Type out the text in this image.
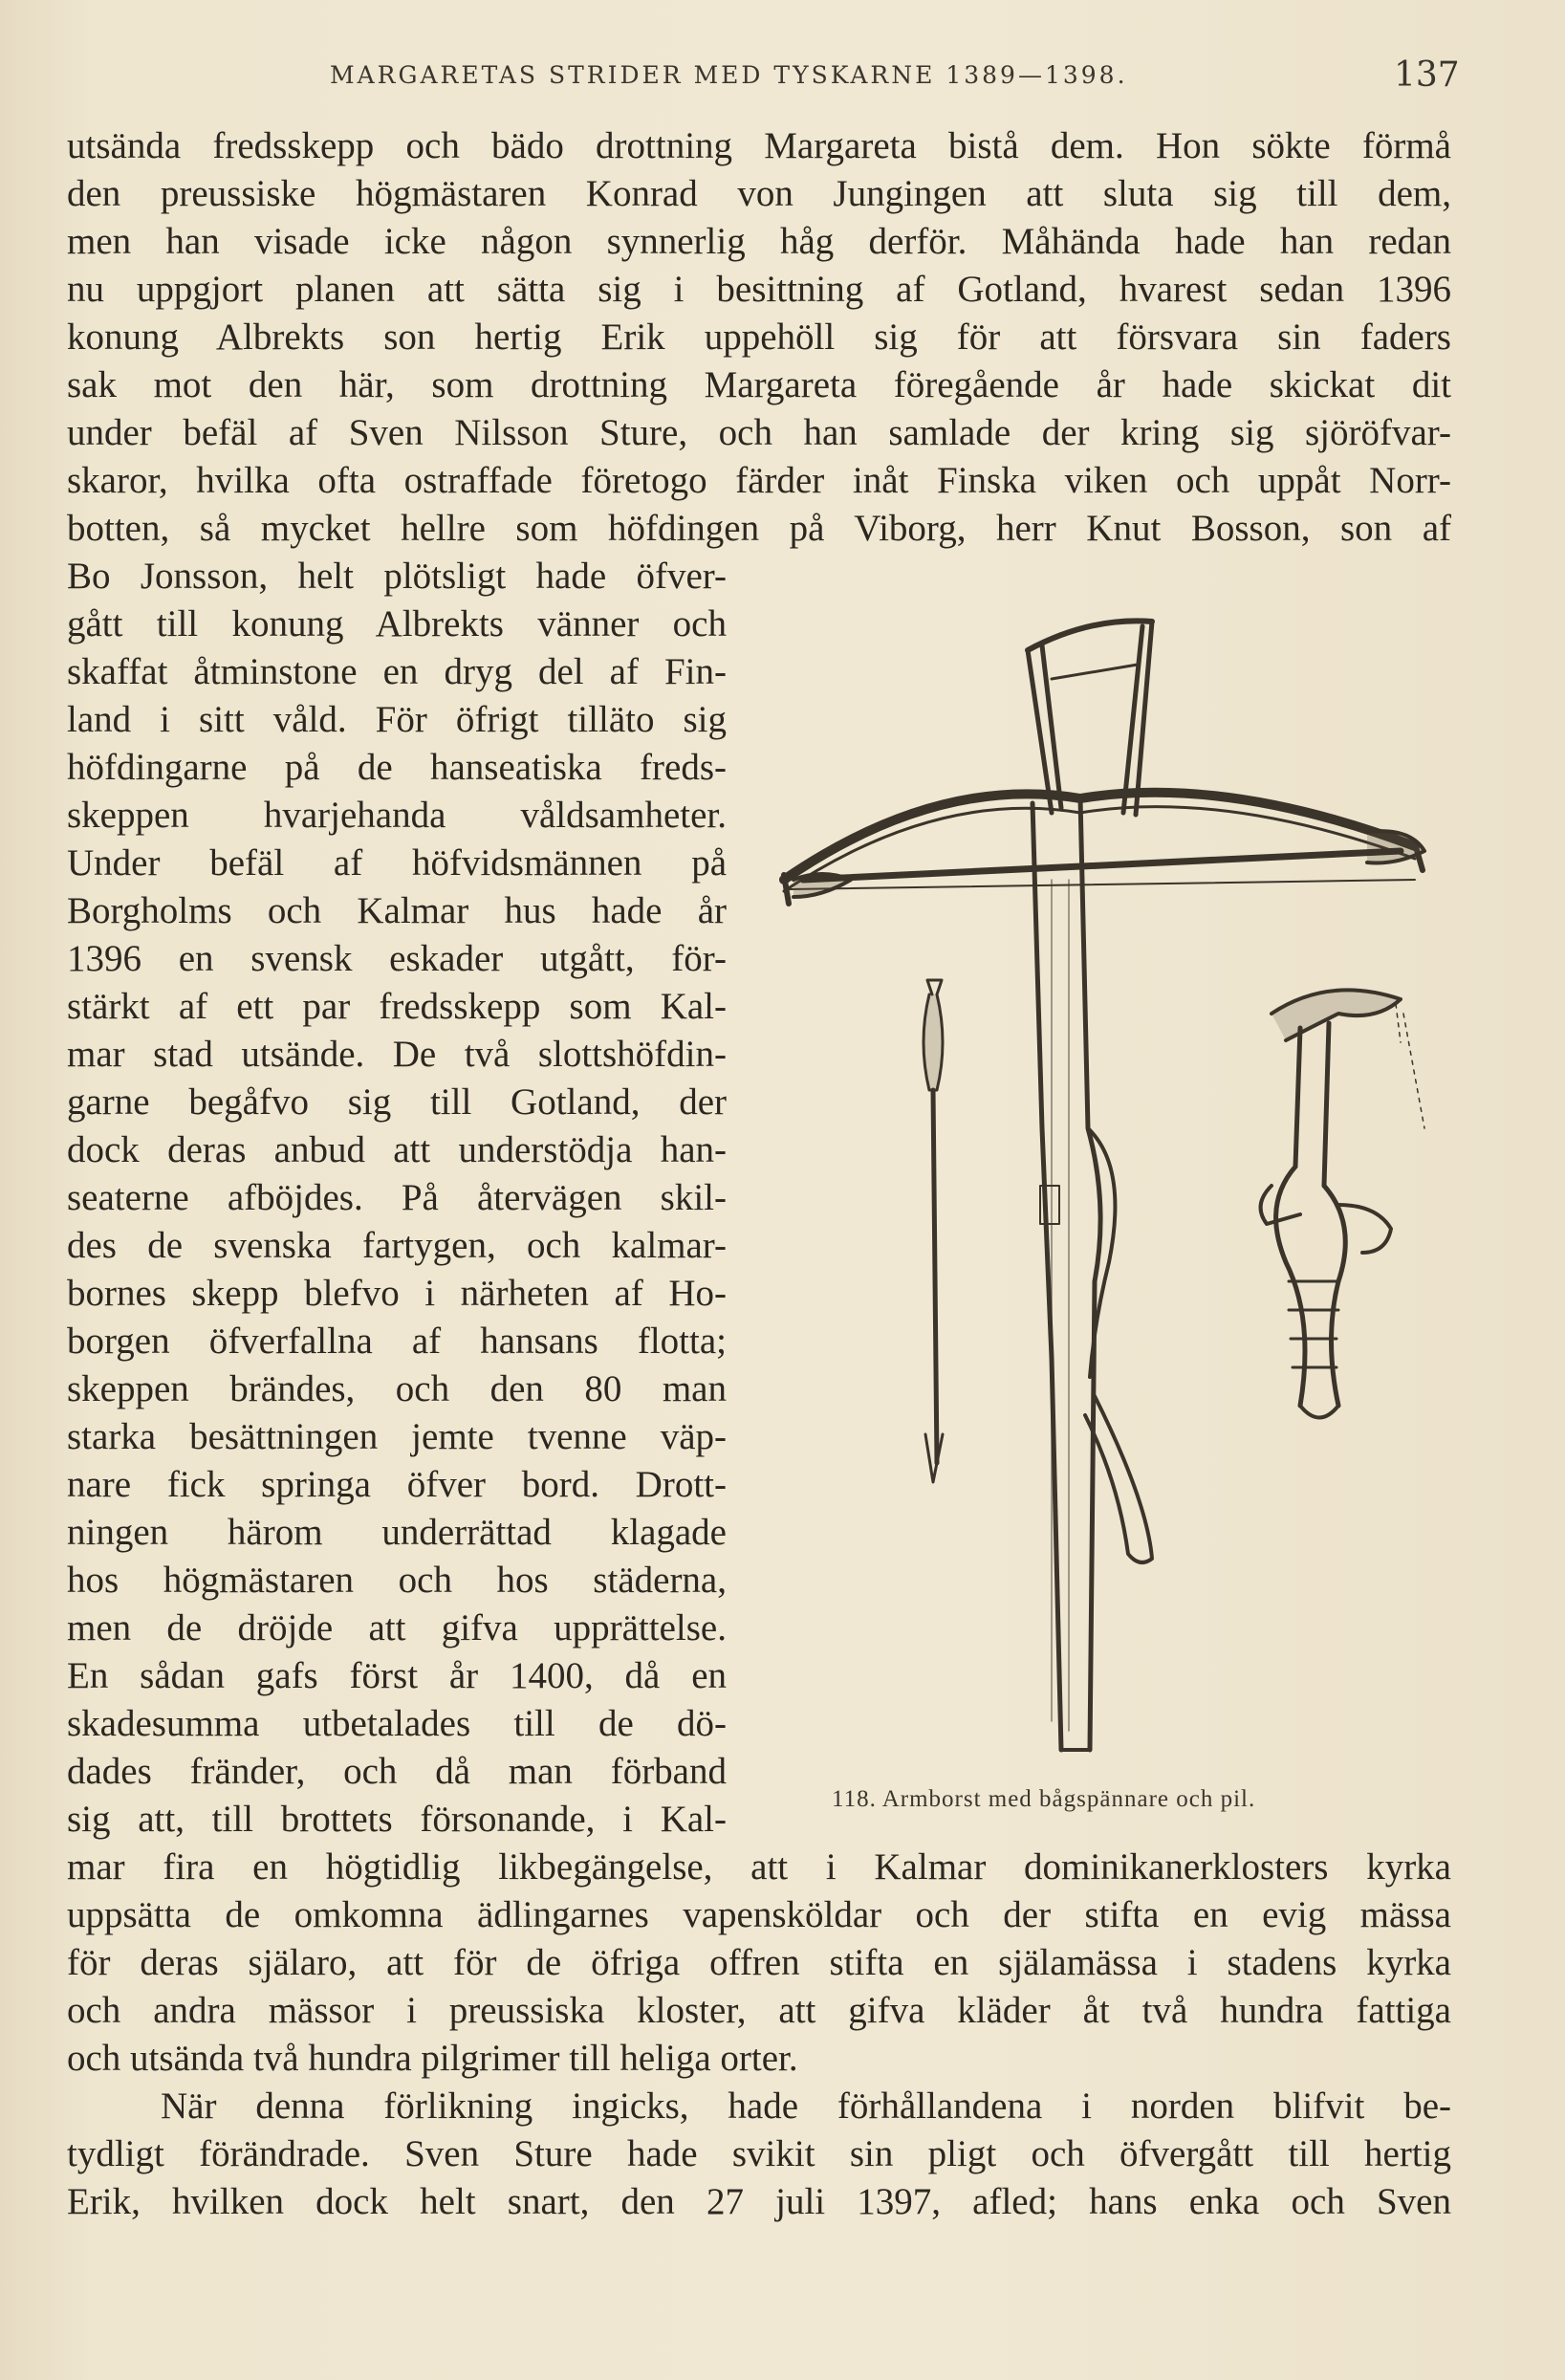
MARGARETAS STRIDER MED TYSKARNE 1389—1398.	137
utsända fredsskepp och bädo drottning Margareta bistå dem. Hon sökte förmå
den preussiske högmästaren Konrad von Jungingen att sluta sig till dem,
men han visade icke någon synnerlig håg derför. Måhända hade han redan
nu uppgjort planen att sätta sig i besittning af Gotland, hvarest sedan 1396
konung Albrekts son hertig Erik uppehöll sig för att försvara sin faders
sak mot den här, som drottning Margareta föregående år hade skickat dit
under befäl af Sven Nilsson Sture, och han samlade der kring sig sjöröfvar-
skaror, hvilka ofta ostraffade företogo färder inåt Finska viken och uppåt Norr-
botten, så mycket hellre som höfdingen på Viborg, herr Knut Bosson, son af
Bo Jonsson, helt plötsligt hade öfver-
gått till konung Albrekts vänner och
skaffat åtminstone en dryg del af Fin-
land i sitt våld. För öfrigt tilläto sig
höfdingarne på de hanseatiska freds-
skeppen hvarjehanda våldsamheter.
Under befäl af höfvidsmännen på
Borgholms och Kalmar hus hade år
1396 en svensk eskader utgått, för-
stärkt af ett par fredsskepp som Kal-
mar stad utsände. De två slottshöfdin-
garne begåfvo sig till Gotland, der
dock deras anbud att understödja han-
seaterne afböjdes. På återvägen skil-
des de svenska fartygen, och kalmar-
bornes skepp blefvo i närheten af Ho-
borgen öfverfallna af hansans flotta;
skeppen brändes, och den 80 man
starka besättningen jemte tvenne väp-
nare fick springa öfver bord. Drott-
ningen härom underrättad klagade
hos högmästaren och hos städerna,
men de dröjde att gifva upprättelse.
En sådan gafs först år 1400, då en
skadesumma utbetalades till de dö-
dades fränder, och då man förband
sig att, till brottets försonande, i Kal-
mar fira en högtidlig likbegängelse, att i Kalmar dominikanerklosters kyrka
uppsätta de omkomna ädlingarnes vapensköldar och der stifta en evig mässa
för deras själaro, att för de öfriga offren stifta en själamässa i stadens kyrka
och andra mässor i preussiska kloster, att gifva kläder åt två hundra fattiga
och utsända två hundra pilgrimer till heliga orter.
När denna förlikning ingicks, hade förhållandena i norden blifvit be-
tydligt förändrade. Sven Sture hade svikit sin pligt och öfvergått till hertig
Erik, hvilken dock helt snart, den 27 juli 1397, afled; hans enka och Sven
118. Armborst med bågspännare och pil.
